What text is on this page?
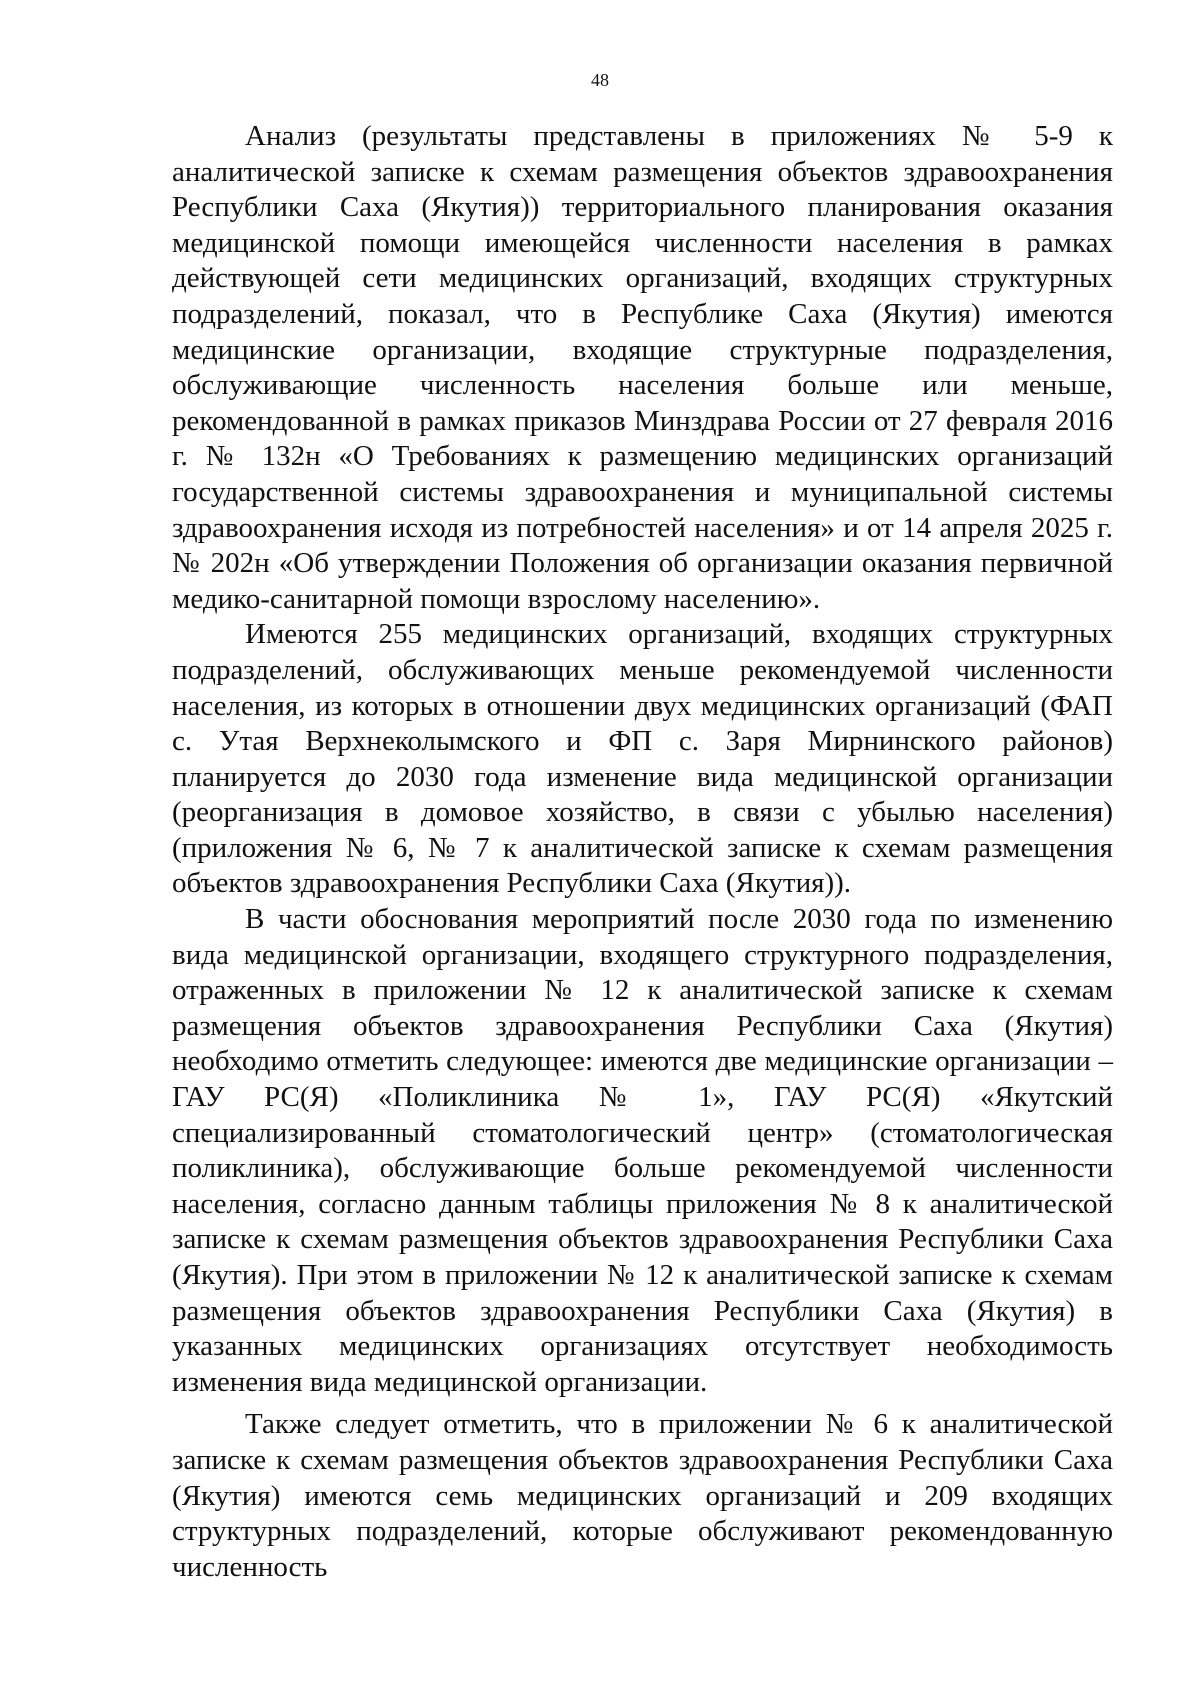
48

Анализ (результаты представлены в приложениях № 5-9 к аналитической записке к схемам размещения объектов здравоохранения Республики Саха (Якутия)) территориального планирования оказания медицинской помощи имеющейся численности населения в рамках действующей сети медицинских организаций, входящих структурных подразделений, показал, что в Республике Саха (Якутия) имеются медицинские организации, входящие структурные подразделения, обслуживающие численность населения больше или меньше, рекомендованной в рамках приказов Минздрава России от 27 февраля 2016 г. № 132н «О Требованиях к размещению медицинских организаций государственной системы здравоохранения и муниципальной системы здравоохранения исходя из потребностей населения» и от 14 апреля 2025 г. № 202н «Об утверждении Положения об организации оказания первичной медико-санитарной помощи взрослому населению».

Имеются 255 медицинских организаций, входящих структурных подразделений, обслуживающих меньше рекомендуемой численности населения, из которых в отношении двух медицинских организаций (ФАП с. Утая Верхнеколымского и ФП с. Заря Мирнинского районов) планируется до 2030 года изменение вида медицинской организации (реорганизация в домовое хозяйство, в связи с убылью населения) (приложения № 6, № 7 к аналитической записке к схемам размещения объектов здравоохранения Республики Саха (Якутия)).

В части обоснования мероприятий после 2030 года по изменению вида медицинской организации, входящего структурного подразделения, отраженных в приложении № 12 к аналитической записке к схемам размещения объектов здравоохранения Республики Саха (Якутия) необходимо отметить следующее: имеются две медицинские организации – ГАУ РС(Я) «Поликлиника № 1», ГАУ РС(Я) «Якутский специализированный стоматологический центр» (стоматологическая поликлиника), обслуживающие больше рекомендуемой численности населения, согласно данным таблицы приложения № 8 к аналитической записке к схемам размещения объектов здравоохранения Республики Саха (Якутия). При этом в приложении № 12 к аналитической записке к схемам размещения объектов здравоохранения Республики Саха (Якутия) в указанных медицинских организациях отсутствует необходимость изменения вида медицинской организации.

Также следует отметить, что в приложении № 6 к аналитической записке к схемам размещения объектов здравоохранения Республики Саха (Якутия) имеются семь медицинских организаций и 209 входящих структурных подразделений, которые обслуживают рекомендованную численность
